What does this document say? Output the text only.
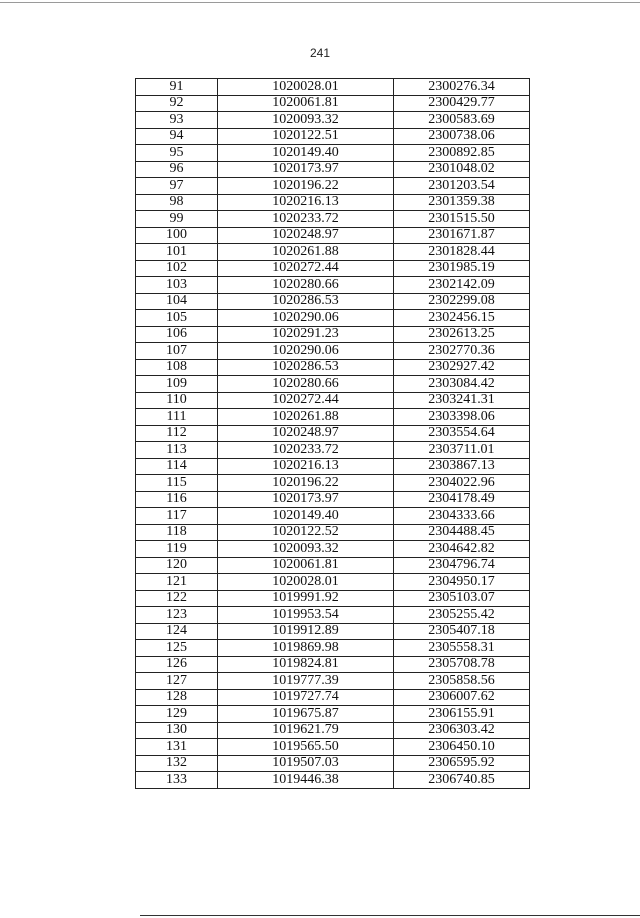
241
91	1020028.01	2300276.34
92	1020061.81	2300429.77
93	1020093.32	2300583.69
94	1020122.51	2300738.06
95	1020149.40	2300892.85
96	1020173.97	2301048.02
97	1020196.22	2301203.54
98	1020216.13	2301359.38
99	1020233.72	2301515.50
100	1020248.97	2301671.87
101	1020261.88	2301828.44
102	1020272.44	2301985.19
103	1020280.66	2302142.09
104	1020286.53	2302299.08
105	1020290.06	2302456.15
106	1020291.23	2302613.25
107	1020290.06	2302770.36
108	1020286.53	2302927.42
109	1020280.66	2303084.42
110	1020272.44	2303241.31
111	1020261.88	2303398.06
112	1020248.97	2303554.64
113	1020233.72	2303711.01
114	1020216.13	2303867.13
115	1020196.22	2304022.96
116	1020173.97	2304178.49
117	1020149.40	2304333.66
118	1020122.52	2304488.45
119	1020093.32	2304642.82
120	1020061.81	2304796.74
121	1020028.01	2304950.17
122	1019991.92	2305103.07
123	1019953.54	2305255.42
124	1019912.89	2305407.18
125	1019869.98	2305558.31
126	1019824.81	2305708.78
127	1019777.39	2305858.56
128	1019727.74	2306007.62
129	1019675.87	2306155.91
130	1019621.79	2306303.42
131	1019565.50	2306450.10
132	1019507.03	2306595.92
133	1019446.38	2306740.85
